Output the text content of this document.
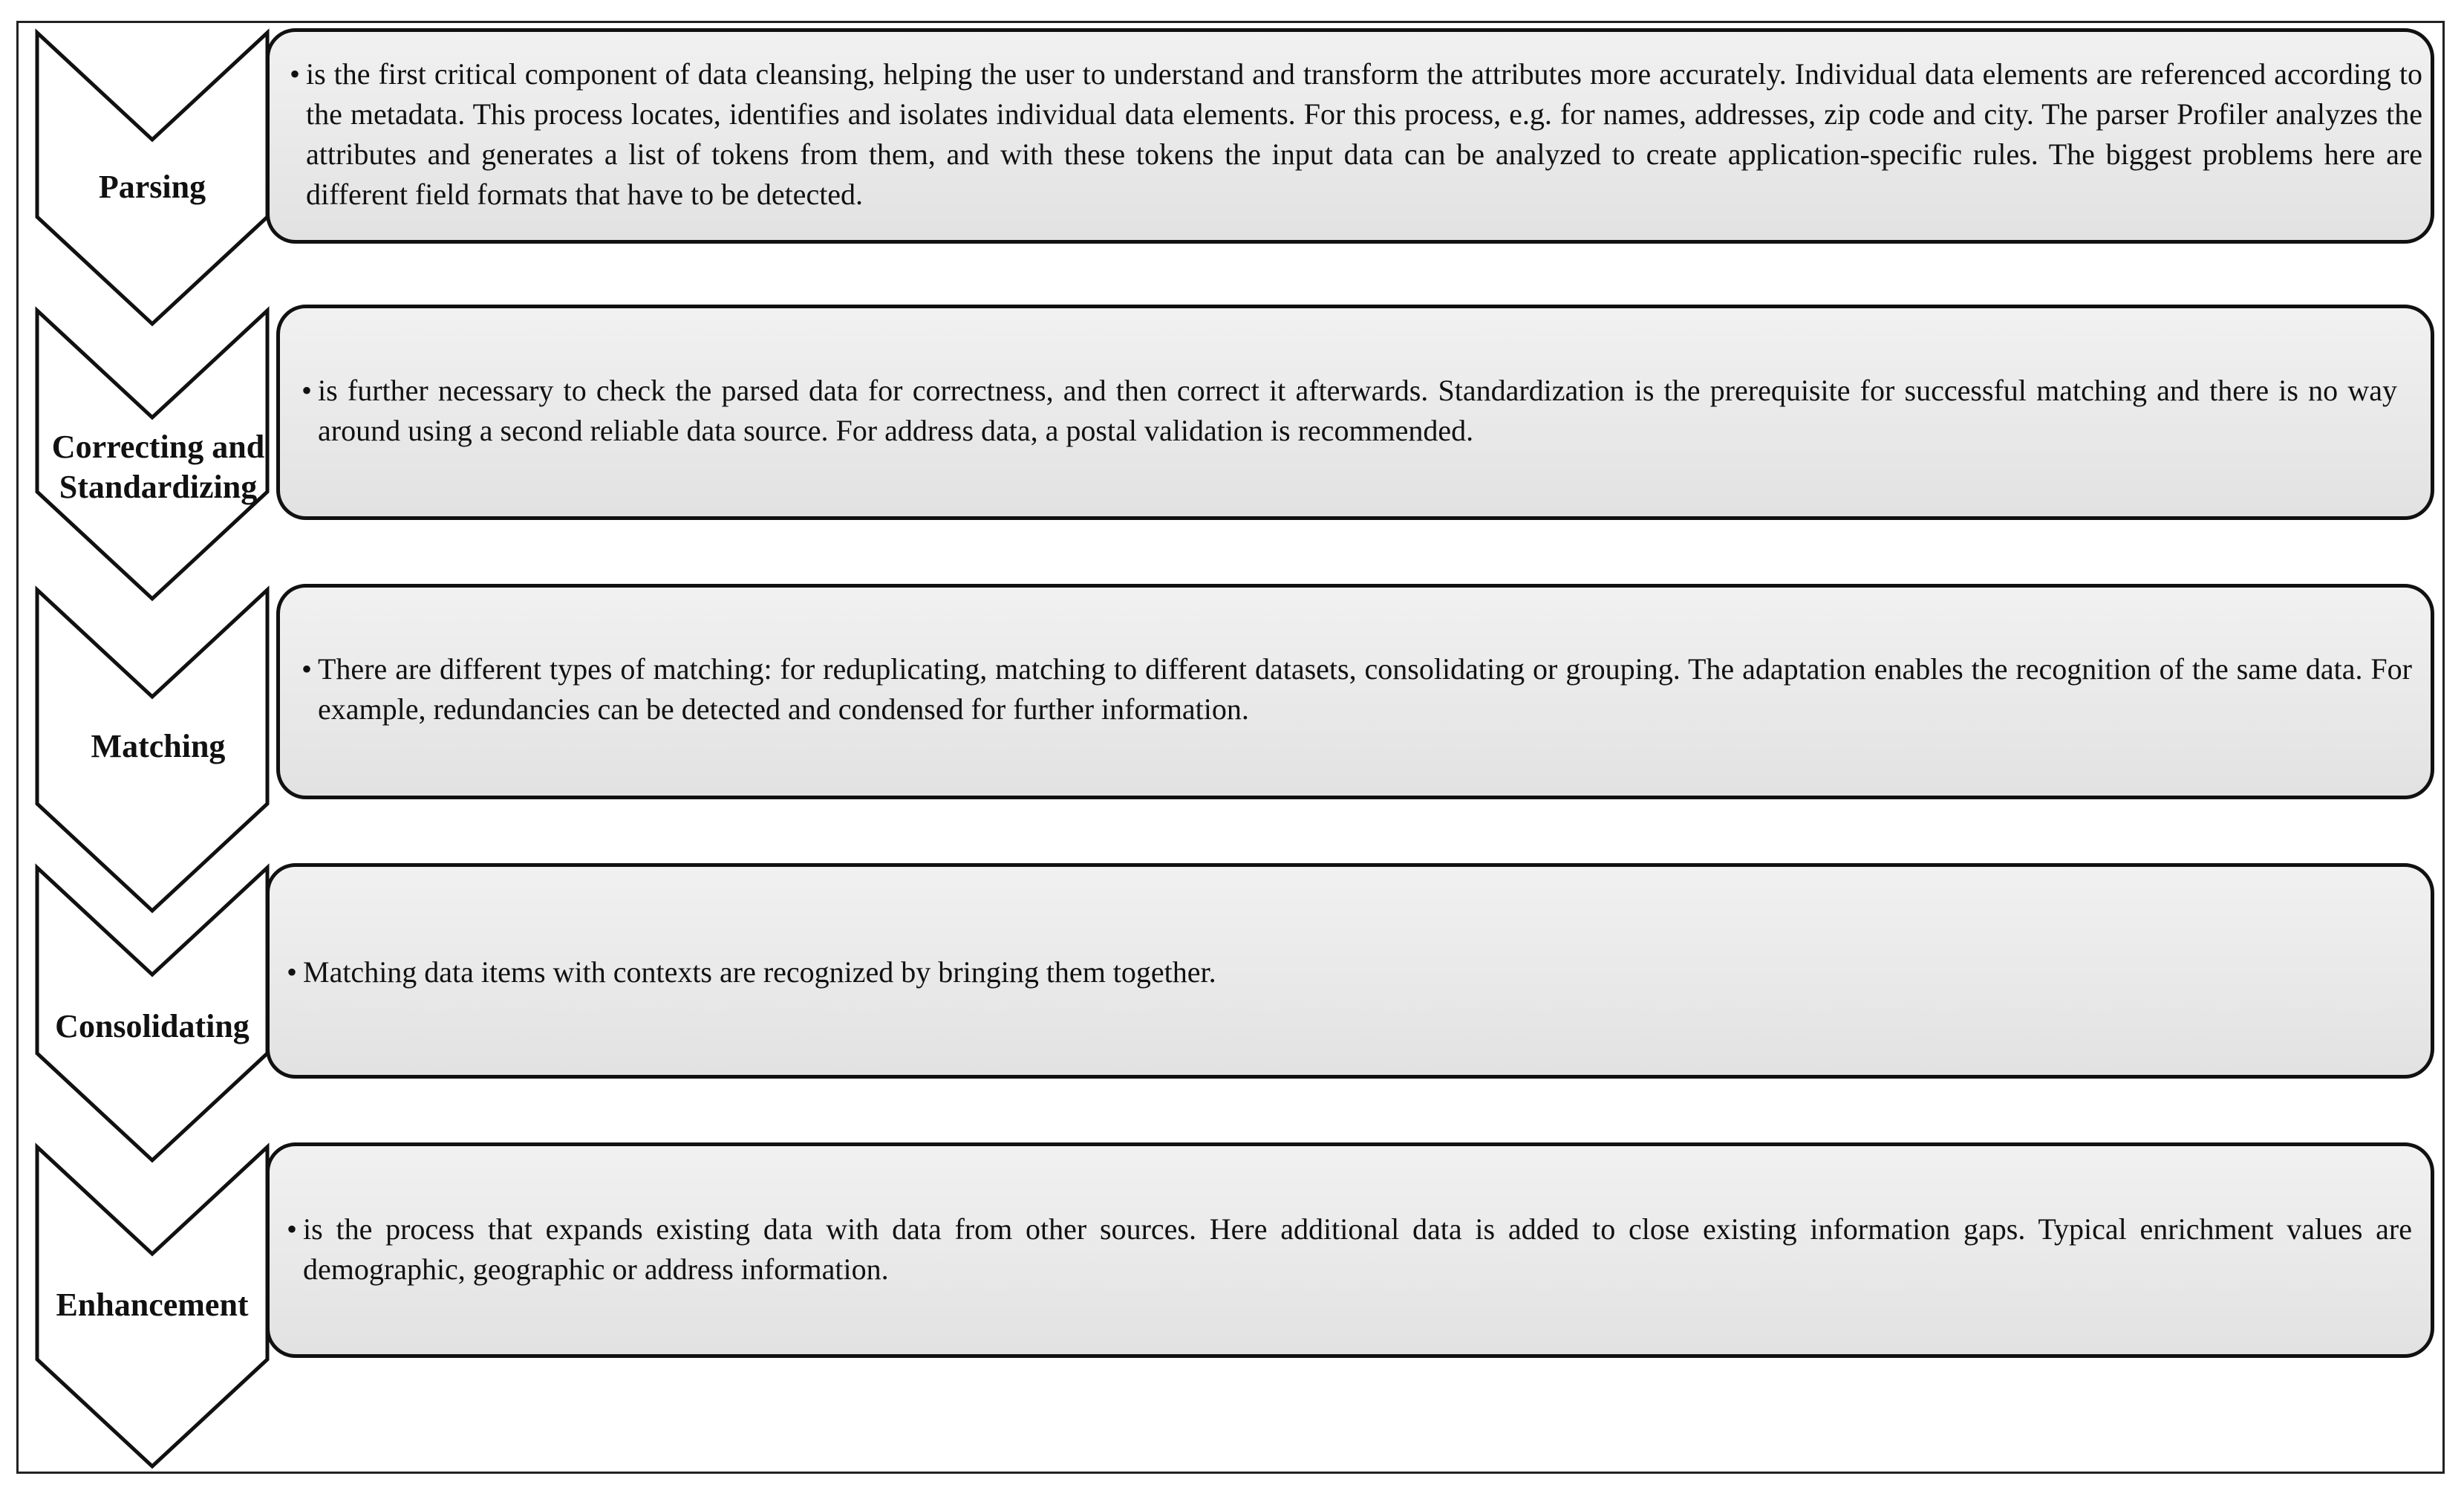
• is the first critical component of data cleansing, helping the user to understand and transform the attributes more accurately. Individual data elements are referenced according to the metadata. This process locates, identifies and isolates individual data elements. For this process, e.g. for names, addresses, zip code and city. The parser Profiler analyzes the attributes and generates a list of tokens from them, and with these tokens the input data can be analyzed to create application-specific rules. The biggest problems here are different field formats that have to be detected.
Parsing
• is further necessary to check the parsed data for correctness, and then correct it afterwards. Standardization is the prerequisite for successful matching and there is no way around using a second reliable data source. For address data, a postal validation is recommended.
Correcting and Standardizing
• There are different types of matching: for reduplicating, matching to different datasets, consolidating or grouping. The adaptation enables the recognition of the same data. For example, redundancies can be detected and condensed for further information.
Matching
• Matching data items with contexts are recognized by bringing them together.
Consolidating
• is the process that expands existing data with data from other sources. Here additional data is added to close existing information gaps. Typical enrichment values are demographic, geographic or address information.
Enhancement
